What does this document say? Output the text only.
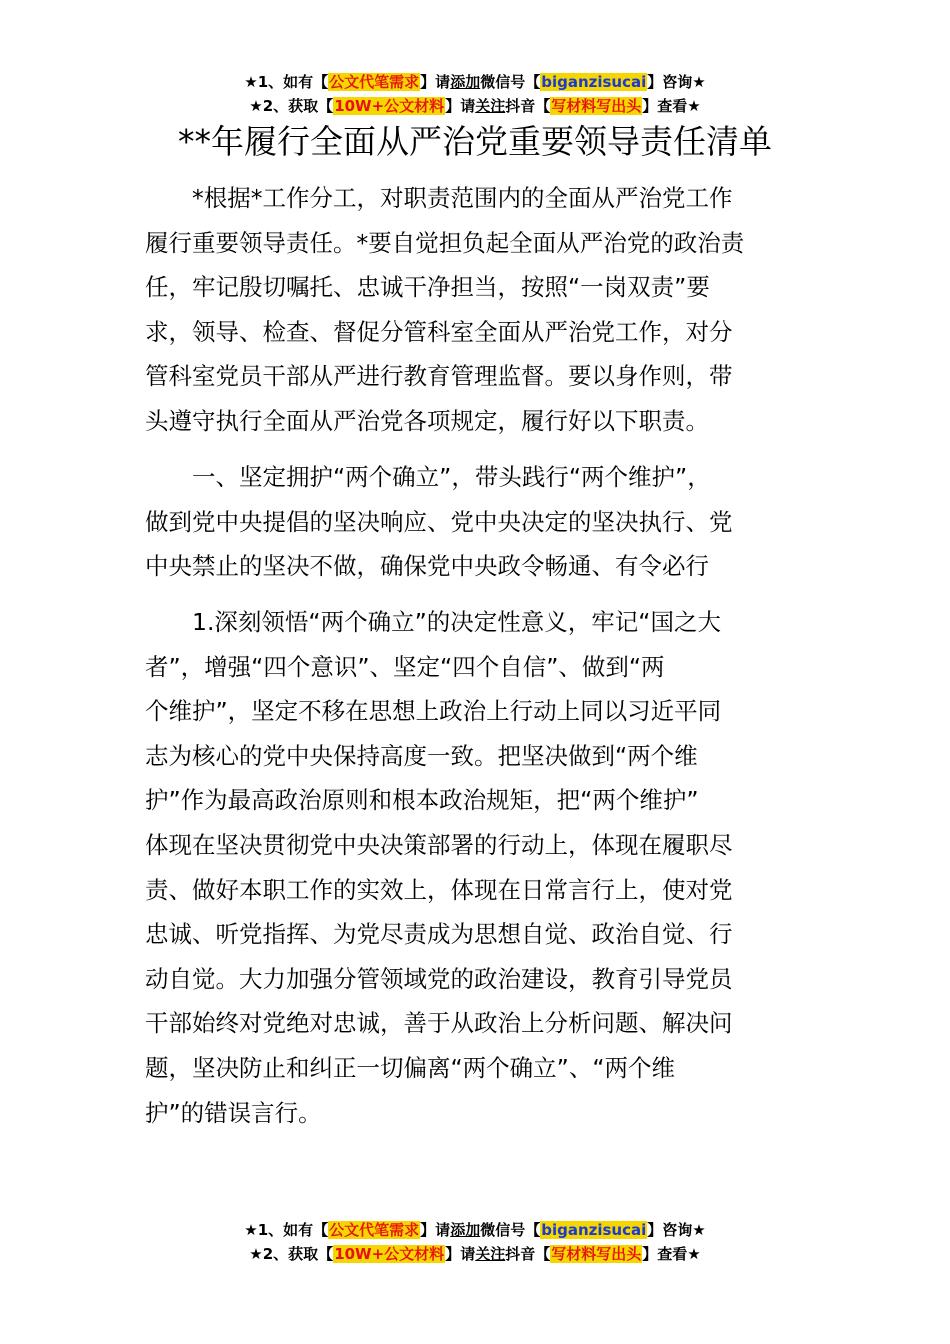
★1、如有【公文代笔需求】请添加微信号【biganzisucai】咨询★
★2、获取【10W+公文材料】请关注抖音【写材料写出头】查看★
**年履行全面从严治党重要领导责任清单
*根据*工作分工，对职责范围内的全面从严治党工作
履行重要领导责任。*要自觉担负起全面从严治党的政治责
任，牢记殷切嘱托、忠诚干净担当，按照“一岗双责”要
求，领导、检查、督促分管科室全面从严治党工作，对分
管科室党员干部从严进行教育管理监督。要以身作则，带
头遵守执行全面从严治党各项规定，履行好以下职责。
一、坚定拥护“两个确立”，带头践行“两个维护”，
做到党中央提倡的坚决响应、党中央决定的坚决执行、党
中央禁止的坚决不做，确保党中央政令畅通、有令必行
1.深刻领悟“两个确立”的决定性意义，牢记“国之大
者”，增强“四个意识”、坚定“四个自信”、做到“两
个维护”，坚定不移在思想上政治上行动上同以习近平同
志为核心的党中央保持高度一致。把坚决做到“两个维
护”作为最高政治原则和根本政治规矩，把“两个维护”
体现在坚决贯彻党中央决策部署的行动上，体现在履职尽
责、做好本职工作的实效上，体现在日常言行上，使对党
忠诚、听党指挥、为党尽责成为思想自觉、政治自觉、行
动自觉。大力加强分管领域党的政治建设，教育引导党员
干部始终对党绝对忠诚，善于从政治上分析问题、解决问
题，坚决防止和纠正一切偏离“两个确立”、“两个维
护”的错误言行。
★1、如有【公文代笔需求】请添加微信号【biganzisucai】咨询★
★2、获取【10W+公文材料】请关注抖音【写材料写出头】查看★
